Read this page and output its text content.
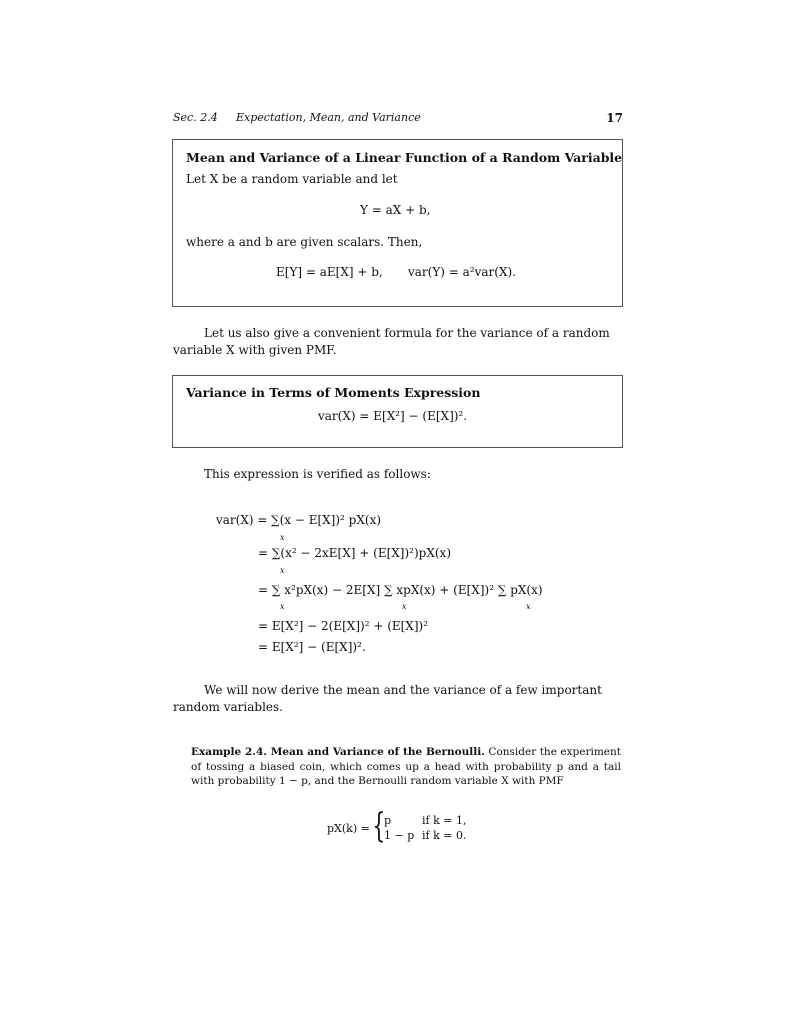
Sec. 2.4 Expectation, Mean, and Variance	17
Mean and Variance of a Linear Function of a Random Variable
Let X be a random variable and let
Y = aX + b,
where a and b are given scalars. Then,
E[Y] = aE[X] + b, var(Y) = a²var(X).
Let us also give a convenient formula for the variance of a random variable X with given PMF.
Variance in Terms of Moments Expression
var(X) = E[X²] − (E[X])².
This expression is verified as follows:
var(X) = ∑(x − E[X])² pX(x)
x
= ∑(x² − 2xE[X] + (E[X])²)pX(x)
x
= ∑ x²pX(x) − 2E[X] ∑ xpX(x) + (E[X])² ∑ pX(x)
x	x	x
= E[X²] − 2(E[X])² + (E[X])²
= E[X²] − (E[X])².
We will now derive the mean and the variance of a few important random variables.
Example 2.4. Mean and Variance of the Bernoulli. Consider the experiment of tossing a biased coin, which comes up a head with probability p and a tail with probability 1 − p, and the Bernoulli random variable X with PMF
pX(k) = {
p	if k = 1,
1 − p if k = 0.
